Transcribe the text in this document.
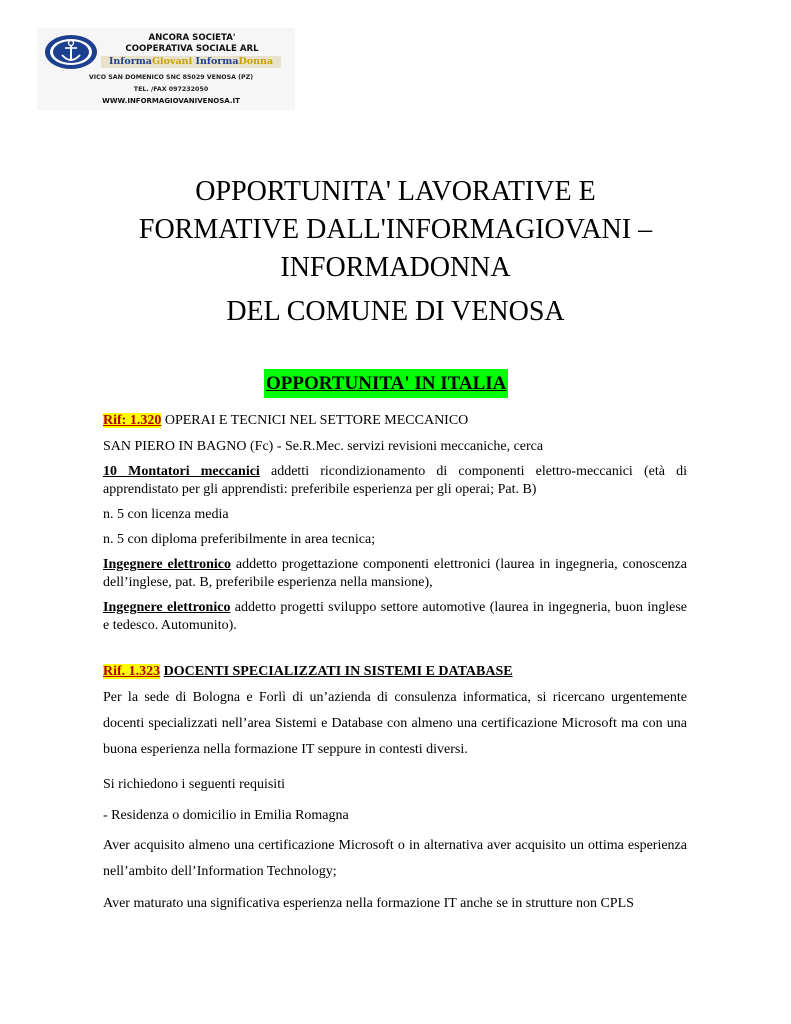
ANCORA SOCIETA'
COOPERATIVA SOCIALE ARL
InformaGiovani InformaDonna
VICO SAN DOMENICO SNC 85029 VENOSA (PZ)
TEL. /FAX 097232050
WWW.INFORMAGIOVANIVENOSA.IT
OPPORTUNITA' LAVORATIVE E
FORMATIVE DALL'INFORMAGIOVANI –
INFORMADONNA
DEL COMUNE DI VENOSA
OPPORTUNITA' IN ITALIA

Rif: 1.320 OPERAI E TECNICI NEL SETTORE MECCANICO

SAN PIERO IN BAGNO (Fc) - Se.R.Mec. servizi revisioni meccaniche, cerca

10 Montatori meccanici addetti ricondizionamento di componenti elettro-meccanici (età di apprendistato per gli apprendisti: preferibile esperienza per gli operai; Pat. B)

n. 5 con licenza media

n. 5 con diploma preferibilmente in area tecnica;

Ingegnere elettronico addetto progettazione componenti elettronici (laurea in ingegneria, conoscenza dell’inglese, pat. B, preferibile esperienza nella mansione),

Ingegnere elettronico addetto progetti sviluppo settore automotive (laurea in ingegneria, buon inglese e tedesco. Automunito).

Rif. 1.323 DOCENTI SPECIALIZZATI IN SISTEMI E DATABASE

Per la sede di Bologna e Forlì di un’azienda di consulenza informatica, si ricercano urgentemente docenti specializzati nell’area Sistemi e Database con almeno una certificazione Microsoft ma con una buona esperienza nella formazione IT seppure in contesti diversi.

Si richiedono i seguenti requisiti

- Residenza o domicilio in Emilia Romagna

Aver acquisito almeno una certificazione Microsoft o in alternativa aver acquisito un ottima esperienza nell’ambito dell’Information Technology;

Aver maturato una significativa esperienza nella formazione IT anche se in strutture non CPLS
